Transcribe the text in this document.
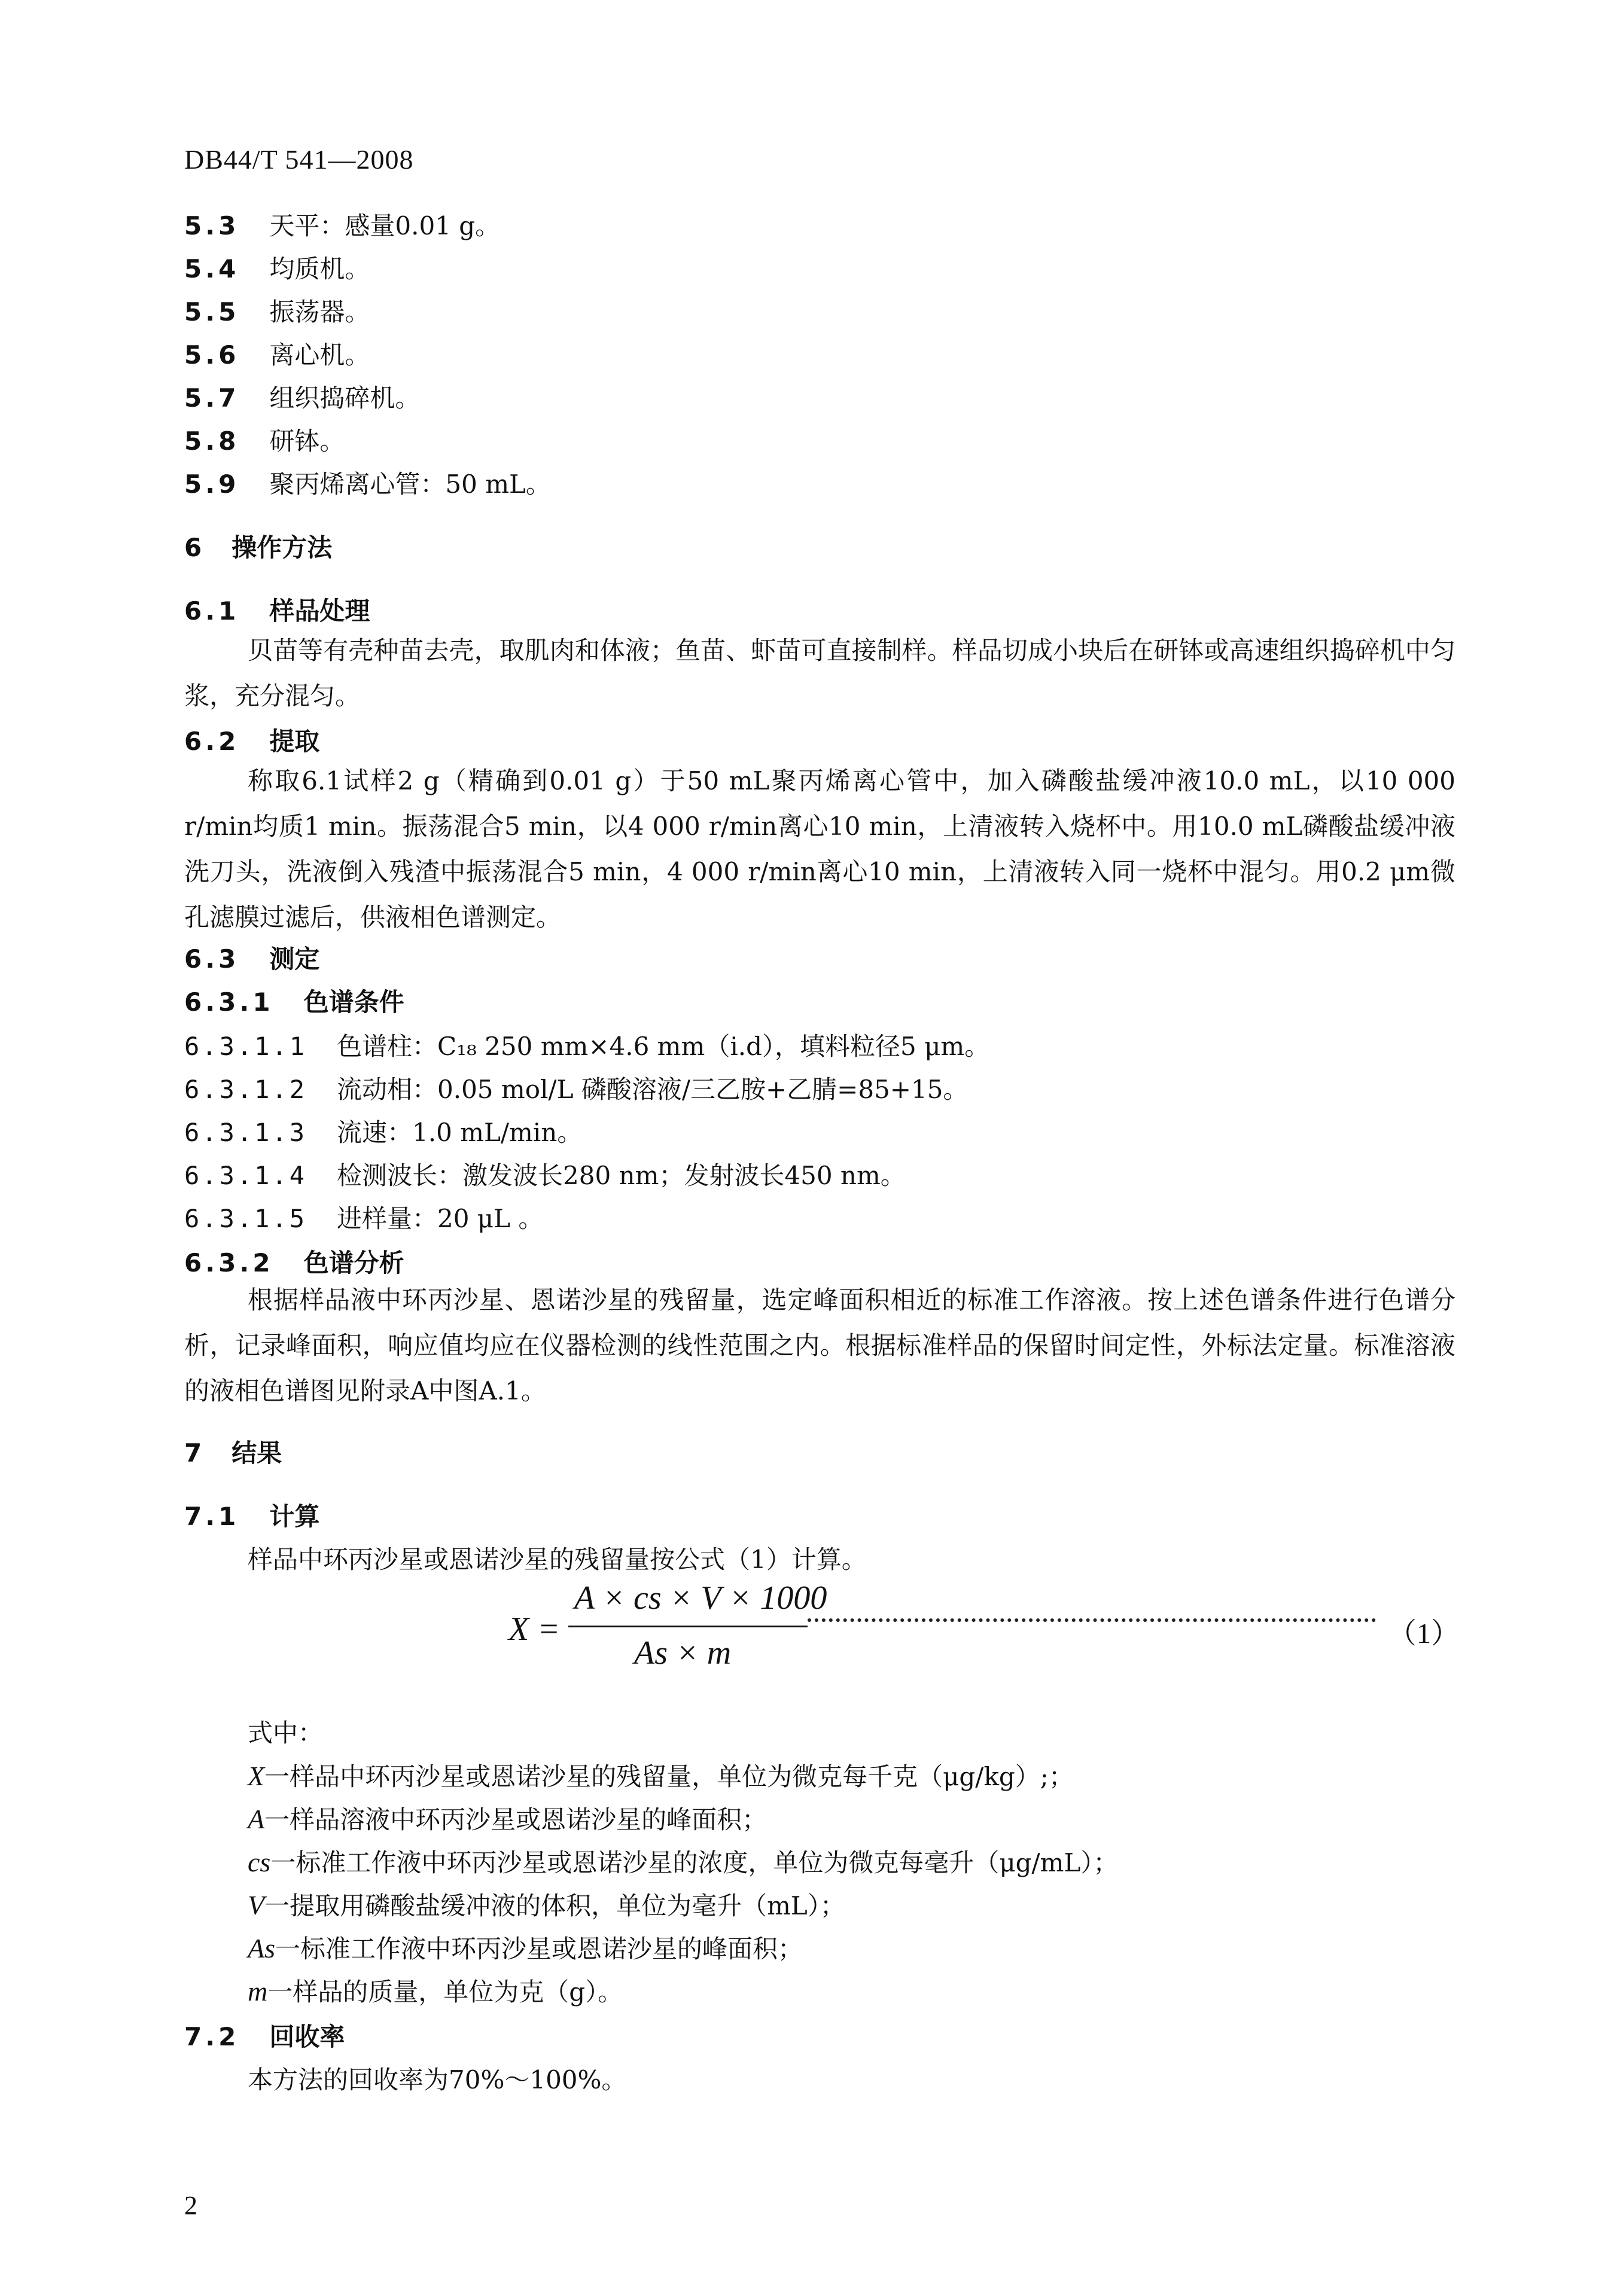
DB44/T 541—2008
5.3 天平：感量0.01 g。
5.4 均质机。
5.5 振荡器。
5.6 离心机。
5.7 组织捣碎机。
5.8 研钵。
5.9 聚丙烯离心管：50 mL。
6 操作方法
6.1 样品处理
贝苗等有壳种苗去壳，取肌肉和体液；鱼苗、虾苗可直接制样。样品切成小块后在研钵或高速组织捣碎机中匀浆，充分混匀。
6.2 提取
称取6.1试样2 g（精确到0.01 g）于50 mL聚丙烯离心管中，加入磷酸盐缓冲液10.0 mL，以10 000 r/min均质1 min。振荡混合5 min，以4 000 r/min离心10 min，上清液转入烧杯中。用10.0 mL磷酸盐缓冲液洗刀头，洗液倒入残渣中振荡混合5 min，4 000 r/min离心10 min，上清液转入同一烧杯中混匀。用0.2 μm微孔滤膜过滤后，供液相色谱测定。
6.3 测定
6.3.1 色谱条件
6.3.1.1 色谱柱：C₁₈ 250 mm×4.6 mm（i.d），填料粒径5 μm。
6.3.1.2 流动相：0.05 mol/L 磷酸溶液/三乙胺+乙腈=85+15。
6.3.1.3 流速：1.0 mL/min。
6.3.1.4 检测波长：激发波长280 nm；发射波长450 nm。
6.3.1.5 进样量：20 μL 。
6.3.2 色谱分析
根据样品液中环丙沙星、恩诺沙星的残留量，选定峰面积相近的标准工作溶液。按上述色谱条件进行色谱分析，记录峰面积，响应值均应在仪器检测的线性范围之内。根据标准样品的保留时间定性，外标法定量。标准溶液的液相色谱图见附录A中图A.1。
7 结果
7.1 计算
样品中环丙沙星或恩诺沙星的残留量按公式（1）计算。
X =
A × cs × V × 1000
As × m
（1）
式中：
X一样品中环丙沙星或恩诺沙星的残留量，单位为微克每千克（μg/kg）;；
A一样品溶液中环丙沙星或恩诺沙星的峰面积；
cs一标准工作液中环丙沙星或恩诺沙星的浓度，单位为微克每毫升（μg/mL）；
V一提取用磷酸盐缓冲液的体积，单位为毫升（mL）；
As一标准工作液中环丙沙星或恩诺沙星的峰面积；
m一样品的质量，单位为克（g）。
7.2 回收率
本方法的回收率为70%～100%。
2
